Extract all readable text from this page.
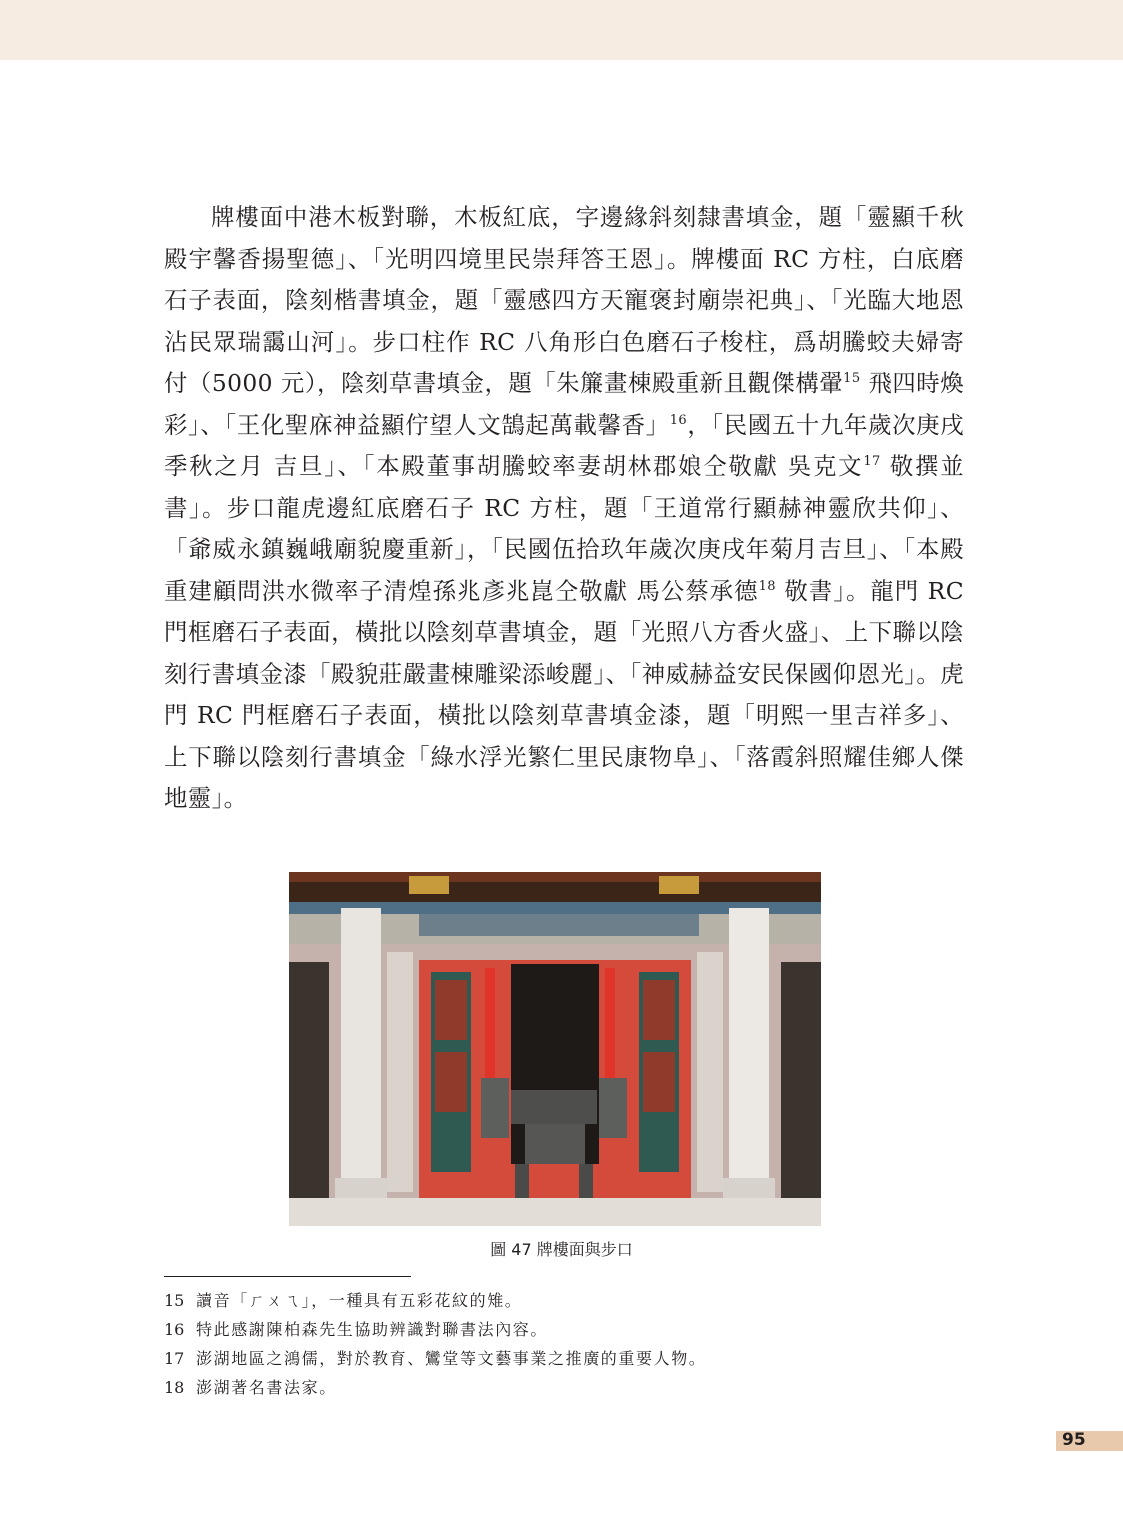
牌樓面中港木板對聯，木板紅底，字邊緣斜刻隸書填金，題「靈顯千秋殿宇馨香揚聖德」、「光明四境里民崇拜答王恩」。牌樓面 RC 方柱，白底磨石子表面，陰刻楷書填金，題「靈感四方天寵褒封廟崇祀典」、「光臨大地恩沾民眾瑞靄山河」。步口柱作 RC 八角形白色磨石子梭柱，爲胡騰蛟夫婦寄付（5000 元），陰刻草書填金，題「朱簾畫棟殿重新且觀傑構翬$^{15}$ 飛四時煥彩」、「王化聖庥神益顯佇望人文鵠起萬載馨香」$^{16}$，「民國五十九年歲次庚戌季秋之月 吉旦」、「本殿董事胡騰蛟率妻胡林郡娘仝敬獻 吳克文$^{17}$ 敬撰並書」。步口龍虎邊紅底磨石子 RC 方柱，題「王道常行顯赫神靈欣共仰」、「爺威永鎮巍峨廟貌慶重新」，「民國伍拾玖年歲次庚戌年菊月吉旦」、「本殿重建顧問洪水微率子清煌孫兆彥兆崑仝敬獻 馬公蔡承德$^{18}$ 敬書」。龍門 RC 門框磨石子表面，橫批以陰刻草書填金，題「光照八方香火盛」、上下聯以陰刻行書填金漆「殿貌莊嚴畫棟雕梁添峻麗」、「神威赫益安民保國仰恩光」。虎門 RC 門框磨石子表面，橫批以陰刻草書填金漆，題「明熙一里吉祥多」、上下聯以陰刻行書填金「綠水浮光繁仁里民康物阜」、「落霞斜照耀佳鄉人傑地靈」。

圖 47 牌樓面與步口
15 讀音「ㄏㄨㄟ」，一種具有五彩花紋的雉。
16 特此感謝陳柏森先生協助辨識對聯書法內容。
17 澎湖地區之鴻儒，對於教育、鸞堂等文藝事業之推廣的重要人物。
18 澎湖著名書法家。
95
